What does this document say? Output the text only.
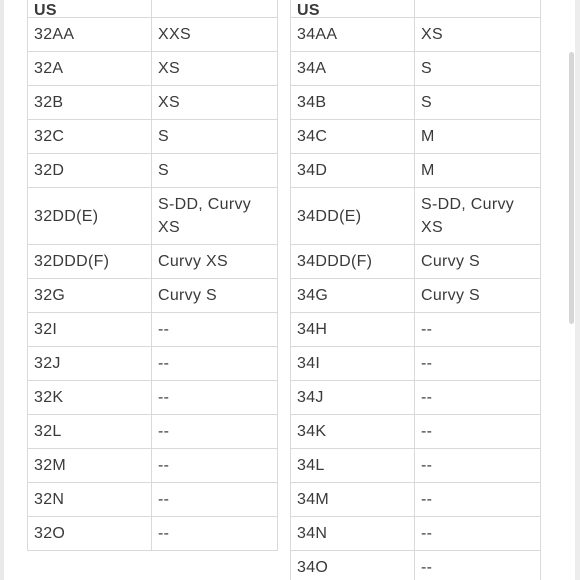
US	
32AA	XXS
32A	XS
32B	XS
32C	S
32D	S
32DD(E)	S-DD, Curvy XS
32DDD(F)	Curvy XS
32G	Curvy S
32I	--
32J	--
32K	--
32L	--
32M	--
32N	--
32O	--
US	
34AA	XS
34A	S
34B	S
34C	M
34D	M
34DD(E)	S-DD, Curvy XS
34DDD(F)	Curvy S
34G	Curvy S
34H	--
34I	--
34J	--
34K	--
34L	--
34M	--
34N	--
34O	--
